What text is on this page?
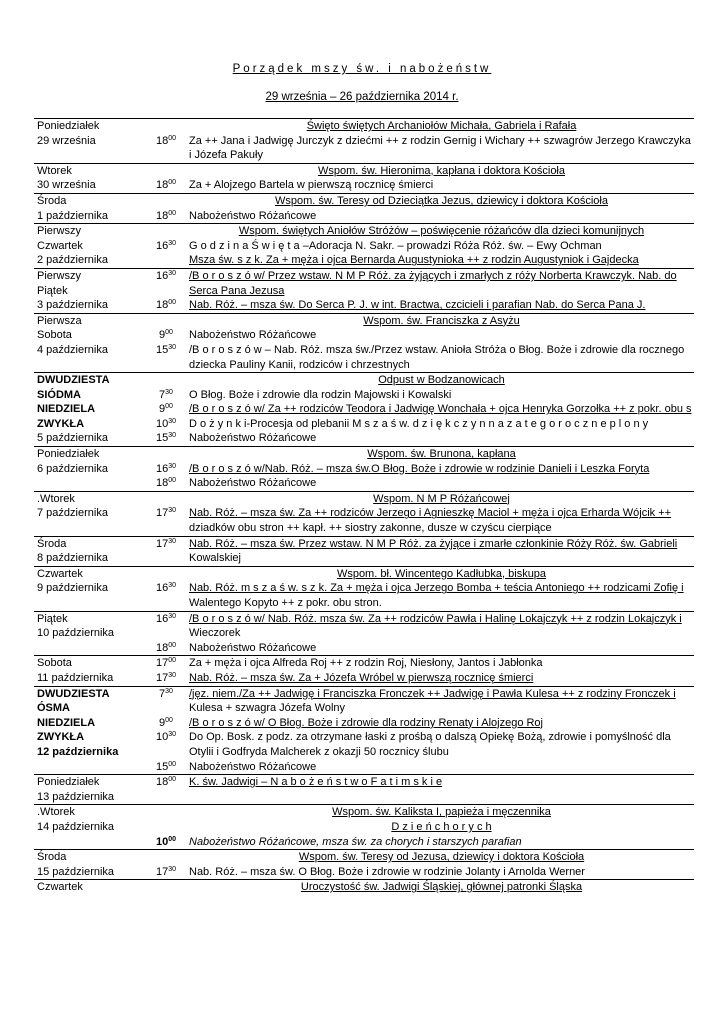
Porządek mszy św. i nabożeństw
29 września – 26 października 2014 r.
Poniedziałek		Święto świętych Archaniołów Michała, Gabriela i Rafała
29 września	$18^{00}$	Za ++ Jana i Jadwigę Jurczyk z dziećmi ++ z rodzin Gernig i Wichary ++ szwagrów Jerzego Krawczyka
		i Józefa Pakuły
Wtorek		Wspom. św. Hieronima, kapłana i doktora Kościoła
30 września	$18^{00}$	Za + Alojzego Bartela w pierwszą rocznicę śmierci
Środa		Wspom. św. Teresy od Dzieciątka Jezus, dziewicy i doktora Kościoła
1 października	$18^{00}$	Nabożeństwo Różańcowe
Pierwszy		Wspom. świętych Aniołów Stróżów – poświęcenie różańców dla dzieci komunijnych
Czwartek	$16^{30}$	G o d z i n a Ś w i ę t a –Adoracja N. Sakr. – prowadzi Róża Róż. św. – Ewy Ochman
2 października		Msza św. s z k. Za + męża i ojca Bernarda Augustynioka ++ z rodzin Augustyniok i Gajdecka
Pierwszy	$16^{30}$	/B o r o s z ó w/ Przez wstaw. N M P Róż. za żyjących i zmarłych z róży Norberta Krawczyk. Nab. do
Piątek		Serca Pana Jezusa
3 października	$18^{00}$	Nab. Róż. – msza św. Do Serca P. J. w int. Bractwa, czcicieli i parafian Nab. do Serca Pana J.
Pierwsza		Wspom. św. Franciszka z Asyżu
Sobota	$9^{00}$	Nabożeństwo Różańcowe
4 października	$15^{30}$	/B o r o s z ó w – Nab. Róż. msza św./Przez wstaw. Anioła Stróża o Błog. Boże i zdrowie dla rocznego
		dziecka Pauliny Kanii, rodziców i chrzestnych
DWUDZIESTA		Odpust w Bodzanowicach
SIÓDMA	$7^{30}$	O Błog. Boże i zdrowie dla rodzin Majowski i Kowalski
NIEDZIELA	$9^{00}$	/B o r o s z ó w/ Za ++ rodziców Teodora i Jadwigę Wonchała + ojca Henryka Gorzołka ++ z pokr. obu s
ZWYKŁA	$10^{30}$	D o ż y n k i-Procesja od plebanii M s z a ś w. d z i ę k c z y n n a z a t e g o r o c z n e p l o n y
5 października	$15^{30}$	Nabożeństwo Różańcowe
Poniedziałek		Wspom. św. Brunona, kapłana
6 października	$16^{30}$	/B o r o s z ó w/Nab. Róż. – msza św.O Błog. Boże i zdrowie w rodzinie Danieli i Leszka Foryta
	$18^{00}$	Nabożeństwo Różańcowe
.Wtorek		Wspom. N M P Różańcowej
7 października	$17^{30}$	Nab. Róż. – msza św. Za ++ rodziców Jerzego i Agnieszkę Maciol + męża i ojca Erharda Wójcik ++
		dziadków obu stron ++ kapł. ++ siostry zakonne, dusze w czyścu cierpiące
Środa	$17^{30}$	Nab. Róż. – msza św. Przez wstaw. N M P Róż. za żyjące i zmarłe członkinie Róży Róż. św. Gabrieli
8 października		Kowalskiej
Czwartek		Wspom. bł. Wincentego Kadłubka, biskupa
9 października	$16^{30}$	Nab. Róż. m s z a ś w. s z k. Za + męża i ojca Jerzego Bomba + teścia Antoniego ++ rodzicami Zofię i
		Walentego Kopyto ++ z pokr. obu stron.
Piątek	$16^{30}$	/B o r o s z ó w/ Nab. Róż. msza św. Za ++ rodziców Pawła i Halinę Lokajczyk ++ z rodzin Lokajczyk i
10 października		Wieczorek
	$18^{00}$	Nabożeństwo Różańcowe
Sobota	$17^{00}$	Za + męża i ojca Alfreda Roj ++ z rodzin Roj, Niesłony, Jantos i Jabłonka
11 października	$17^{30}$	Nab. Róż. – msza św. Za + Józefa Wróbel w pierwszą rocznicę śmierci
DWUDZIESTA	$7^{30}$	/jęz. niem./Za ++ Jadwigę i Franciszka Fronczek ++ Jadwigę i Pawła Kulesa ++ z rodziny Fronczek i
ÓSMA		Kulesa + szwagra Józefa Wolny
NIEDZIELA	$9^{00}$	/B o r o s z ó w/ O Błog. Boże i zdrowie dla rodziny Renaty i Alojzego Roj
ZWYKŁA	$10^{30}$	Do Op. Bosk. z podz. za otrzymane łaski z prośbą o dalszą Opiekę Bożą, zdrowie i pomyślność dla
12 października		Otylii i Godfryda Malcherek z okazji 50 rocznicy ślubu
	$15^{00}$	Nabożeństwo Różańcowe
Poniedziałek	$18^{00}$	K. św. Jadwigi – N a b o ż e ń s t w o F a t i m s k i e
13 października		
.Wtorek		Wspom. św. Kaliksta I, papieża i męczennika
14 października		D z i e ń c h o r y c h
	$10^{00}$	Nabożeństwo Różańcowe, msza św. za chorych i starszych parafian
Środa		Wspom. św. Teresy od Jezusa, dziewicy i doktora Kościoła
15 października	$17^{30}$	Nab. Róż. – msza św. O Błog. Boże i zdrowie w rodzinie Jolanty i Arnolda Werner
Czwartek		Uroczystość św. Jadwigi Śląskiej, głównej patronki Śląska
